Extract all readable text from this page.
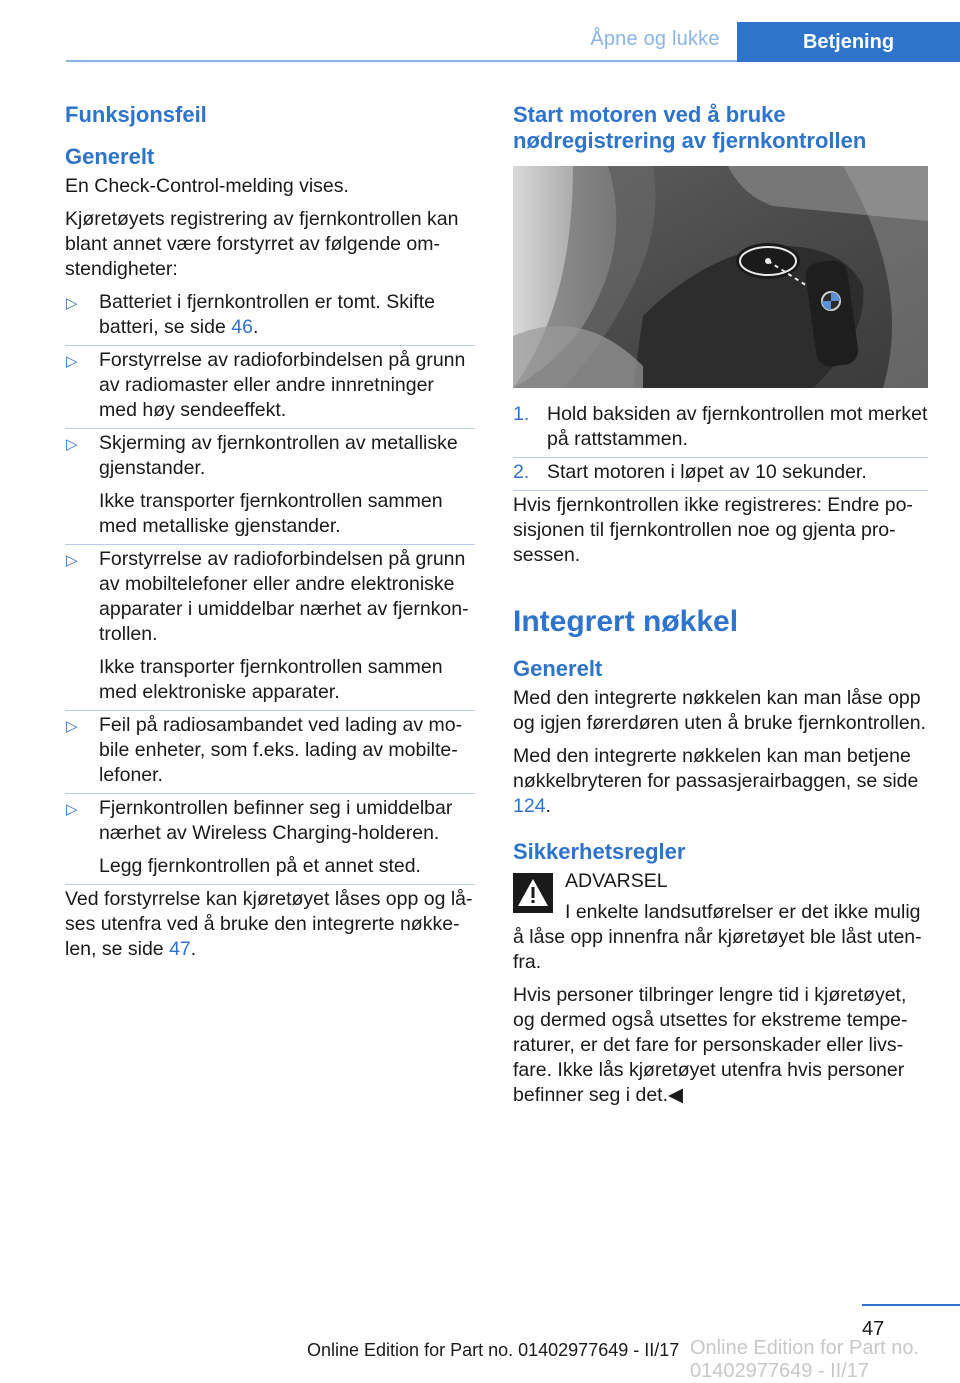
Åpne og lukke	Betjening
Funksjonsfeil
Generelt

En Check-Control-melding vises.

Kjøretøyets registrering av fjernkontrollen kan blant annet være forstyrret av følgende omstendigheter:

▷ Batteriet i fjernkontrollen er tomt. Skifte batteri, se side 46.
▷ Forstyrrelse av radioforbindelsen på grunn av radiomaster eller andre innretninger med høy sendeeffekt.
▷ Skjerming av fjernkontrollen av metalliske gjenstander.
Ikke transporter fjernkontrollen sammen med metalliske gjenstander.
▷ Forstyrrelse av radioforbindelsen på grunn av mobiltelefoner eller andre elektroniske apparater i umiddelbar nærhet av fjernkontrollen.
Ikke transporter fjernkontrollen sammen med elektroniske apparater.
▷ Feil på radiosambandet ved lading av mobile enheter, som f.eks. lading av mobiltelefoner.
▷ Fjernkontrollen befinner seg i umiddelbar nærhet av Wireless Charging-holderen.
Legg fjernkontrollen på et annet sted.

Ved forstyrrelse kan kjøretøyet låses opp og låses utenfra ved å bruke den integrerte nøkkelen, se side 47.

Start motoren ved å bruke nødregistrering av fjernkontrollen
1. Hold baksiden av fjernkontrollen mot merket på rattstammen.
2. Start motoren i løpet av 10 sekunder.

Hvis fjernkontrollen ikke registreres: Endre posisjonen til fjernkontrollen noe og gjenta prosessen.

Integrert nøkkel
Generelt

Med den integrerte nøkkelen kan man låse opp og igjen førerdøren uten å bruke fjernkontrollen.

Med den integrerte nøkkelen kan man betjene nøkkelbryteren for passasjerairbaggen, se side 124.

Sikkerhetsregler

ADVARSEL

I enkelte landsutførelser er det ikke mulig å låse opp innenfra når kjøretøyet ble låst utenfra.

Hvis personer tilbringer lengre tid i kjøretøyet, og dermed også utsettes for ekstreme temperaturer, er det fare for personskader eller livsfare. Ikke lås kjøretøyet utenfra hvis personer befinner seg i det.◀

47
Online Edition for Part no. 01402977649 - II/17 Online Edition for Part no. 01402977649 - II/17
